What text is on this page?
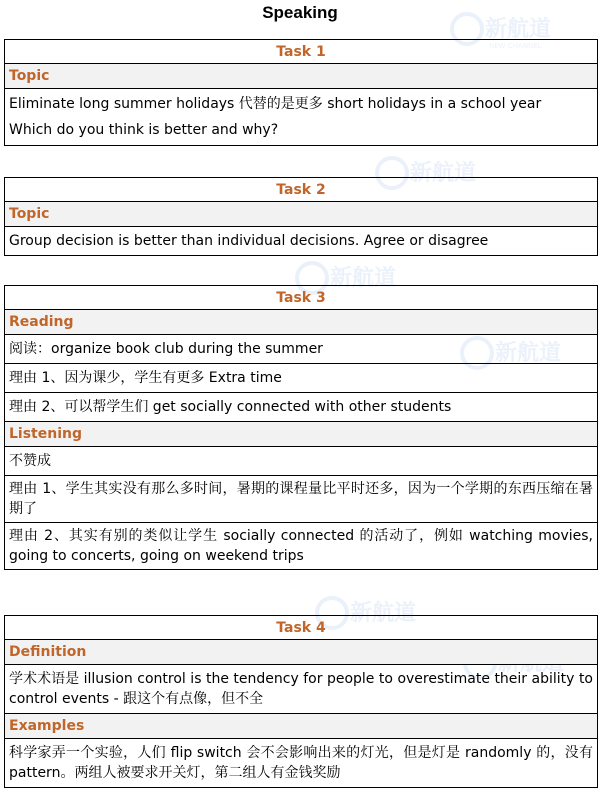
新航道
NEW CHANNEL
新航道
新航道
新航道
新航道
Speaking
Task 1
Topic

Eliminate long summer holidays 代替的是更多 short holidays in a school year
Which do you think is better and why?
Task 2
Topic
Group decision is better than individual decisions. Agree or disagree
Task 3
Reading
阅读：organize book club during the summer
理由 1、因为课少，学生有更多 Extra time
理由 2、可以帮学生们 get socially connected with other students
Listening
不赞成
理由 1、学生其实没有那么多时间，暑期的课程量比平时还多，因为一个学期的东西压缩在暑期了
理由 2、其实有别的类似让学生 socially connected 的活动了，例如 watching movies, going to concerts, going on weekend trips
Task 4
Definition
学术术语是 illusion control is the tendency for people to overestimate their ability to control events - 跟这个有点像，但不全
Examples
科学家弄一个实验，人们 flip switch 会不会影响出来的灯光，但是灯是 randomly 的，没有 pattern。两组人被要求开关灯，第二组人有金钱奖励
